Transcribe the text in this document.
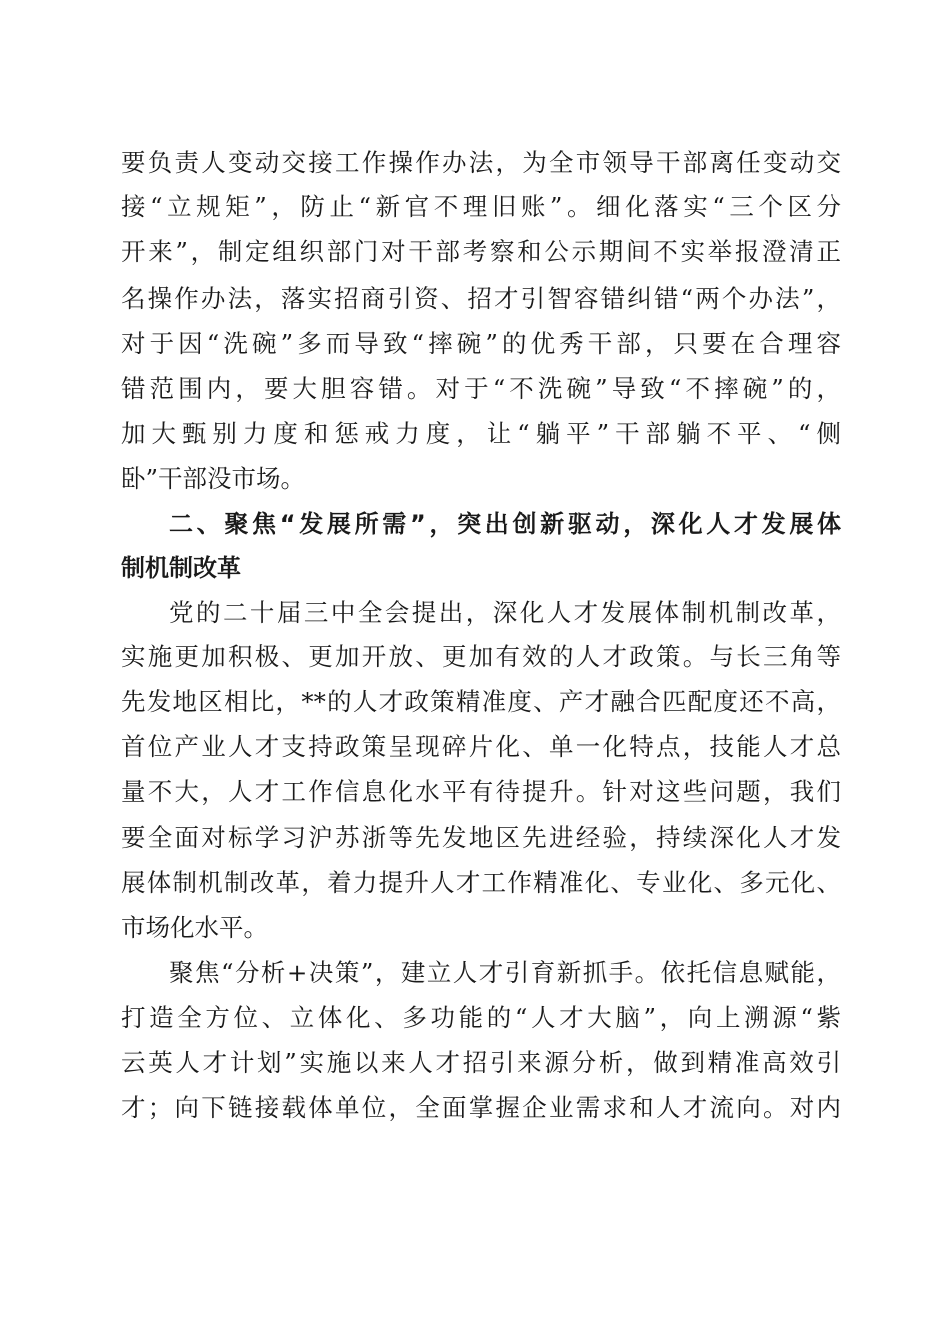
要负责人变动交接工作操作办法，为全市领导干部离任变动交
接“立规矩”，防止“新官不理旧账”。细化落实“三个区分
开来”，制定组织部门对干部考察和公示期间不实举报澄清正
名操作办法，落实招商引资、招才引智容错纠错“两个办法”，
对于因“洗碗”多而导致“摔碗”的优秀干部，只要在合理容
错范围内，要大胆容错。对于“不洗碗”导致“不摔碗”的，
加大甄别力度和惩戒力度，让“躺平”干部躺不平、“侧
卧”干部没市场。
二、聚焦“发展所需”，突出创新驱动，深化人才发展体
制机制改革
党的二十届三中全会提出，深化人才发展体制机制改革，
实施更加积极、更加开放、更加有效的人才政策。与长三角等
先发地区相比，**的人才政策精准度、产才融合匹配度还不高，
首位产业人才支持政策呈现碎片化、单一化特点，技能人才总
量不大，人才工作信息化水平有待提升。针对这些问题，我们
要全面对标学习沪苏浙等先发地区先进经验，持续深化人才发
展体制机制改革，着力提升人才工作精准化、专业化、多元化、
市场化水平。
聚焦“分析+决策”，建立人才引育新抓手。依托信息赋能，
打造全方位、立体化、多功能的“人才大脑”，向上溯源“紫
云英人才计划”实施以来人才招引来源分析，做到精准高效引
才；向下链接载体单位，全面掌握企业需求和人才流向。对内
